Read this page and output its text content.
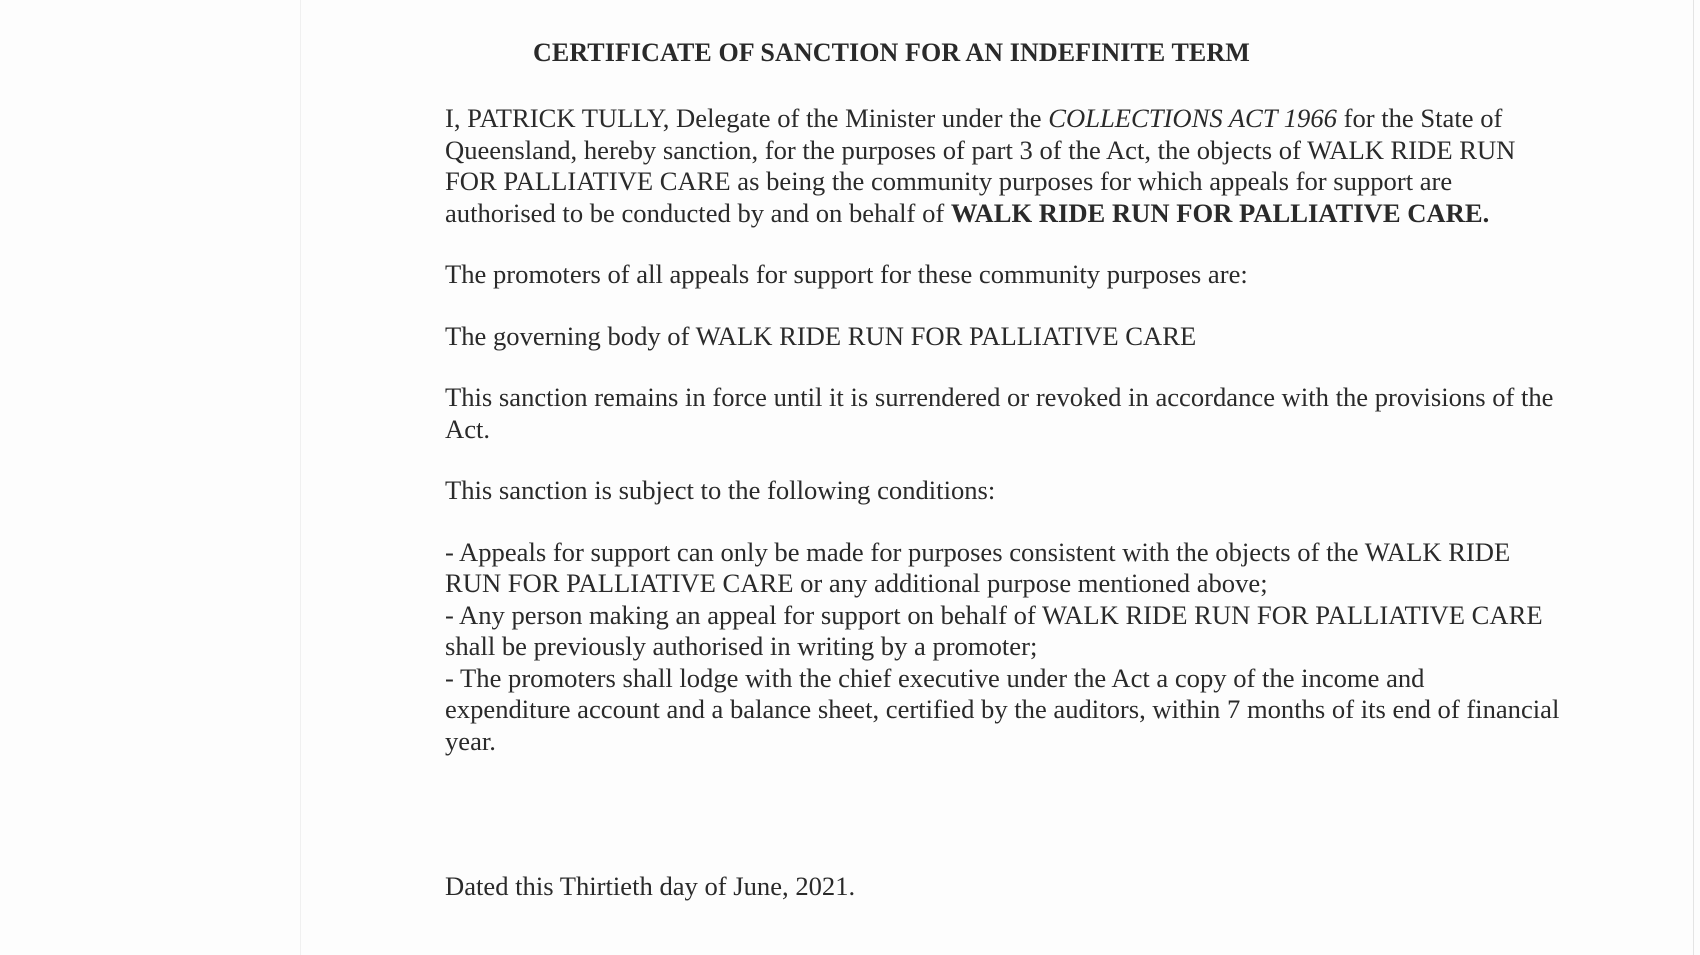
CERTIFICATE OF SANCTION FOR AN INDEFINITE TERM

I, PATRICK TULLY, Delegate of the Minister under the COLLECTIONS ACT 1966 for the State of
Queensland, hereby sanction, for the purposes of part 3 of the Act, the objects of WALK RIDE RUN
FOR PALLIATIVE CARE as being the community purposes for which appeals for support are
authorised to be conducted by and on behalf of WALK RIDE RUN FOR PALLIATIVE CARE.

The promoters of all appeals for support for these community purposes are:

The governing body of WALK RIDE RUN FOR PALLIATIVE CARE

This sanction remains in force until it is surrendered or revoked in accordance with the provisions of the
Act.

This sanction is subject to the following conditions:

- Appeals for support can only be made for purposes consistent with the objects of the WALK RIDE
RUN FOR PALLIATIVE CARE or any additional purpose mentioned above;
- Any person making an appeal for support on behalf of WALK RIDE RUN FOR PALLIATIVE CARE
shall be previously authorised in writing by a promoter;
- The promoters shall lodge with the chief executive under the Act a copy of the income and
expenditure account and a balance sheet, certified by the auditors, within 7 months of its end of financial
year.

Dated this Thirtieth day of June, 2021.
